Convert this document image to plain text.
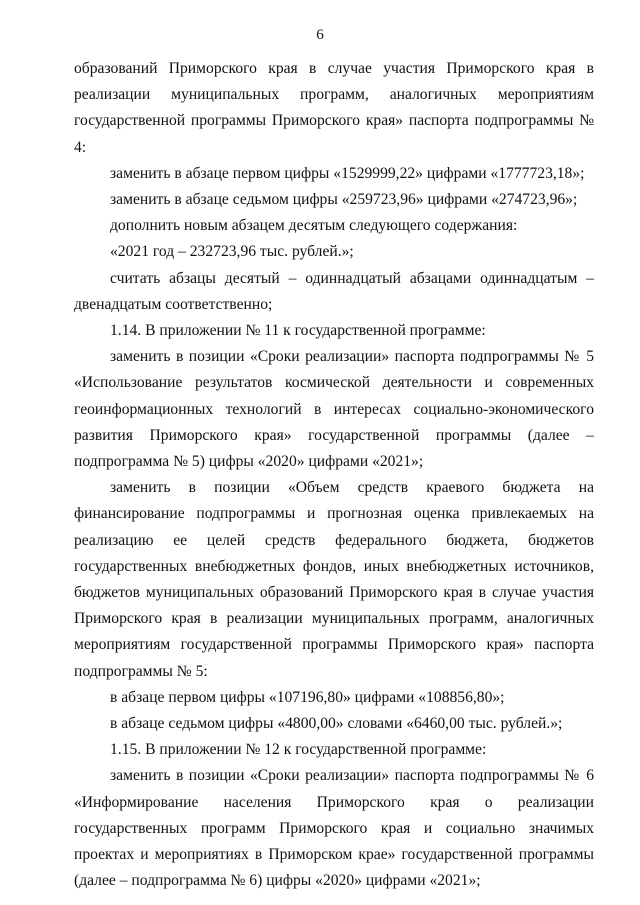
6

образований Приморского края в случае участия Приморского края в реализации муниципальных программ, аналогичных мероприятиям государственной программы Приморского края» паспорта подпрограммы № 4:

заменить в абзаце первом цифры «1529999,22» цифрами «1777723,18»;

заменить в абзаце седьмом цифры «259723,96» цифрами «274723,96»;

дополнить новым абзацем десятым следующего содержания:

«2021 год – 232723,96 тыс. рублей.»;

считать абзацы десятый – одиннадцатый абзацами одиннадцатым – двенадцатым соответственно;

1.14. В приложении № 11 к государственной программе:

заменить в позиции «Сроки реализации» паспорта подпрограммы № 5 «Использование результатов космической деятельности и современных геоинформационных технологий в интересах социально-экономического развития Приморского края» государственной программы (далее – подпрограмма № 5) цифры «2020» цифрами «2021»;

заменить в позиции «Объем средств краевого бюджета на финансирование подпрограммы и прогнозная оценка привлекаемых на реализацию ее целей средств федерального бюджета, бюджетов государственных внебюджетных фондов, иных внебюджетных источников, бюджетов муниципальных образований Приморского края в случае участия Приморского края в реализации муниципальных программ, аналогичных мероприятиям государственной программы Приморского края» паспорта подпрограммы № 5:

в абзаце первом цифры «107196,80» цифрами «108856,80»;

в абзаце седьмом цифры «4800,00» словами «6460,00 тыс. рублей.»;

1.15. В приложении № 12 к государственной программе:

заменить в позиции «Сроки реализации» паспорта подпрограммы № 6 «Информирование населения Приморского края о реализации государственных программ Приморского края и социально значимых проектах и мероприятиях в Приморском крае» государственной программы (далее – подпрограмма № 6) цифры «2020» цифрами «2021»;
